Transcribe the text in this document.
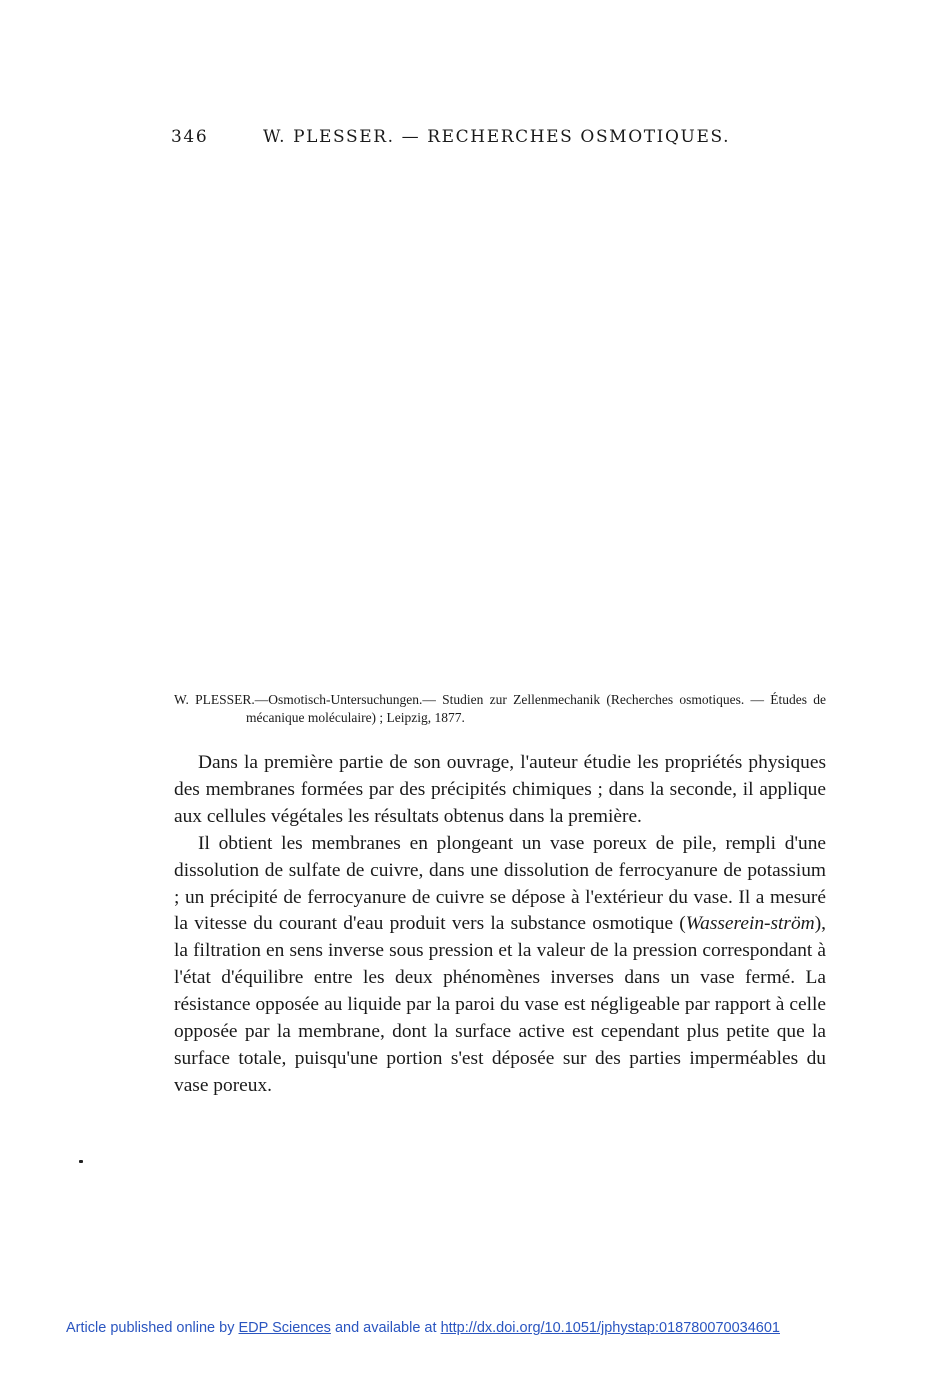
346	W. PLESSER. — RECHERCHES OSMOTIQUES.
W. PLESSER.—Osmotisch-Untersuchungen.— Studien zur Zellenmechanik (Recherches osmotiques. — Études de mécanique moléculaire) ; Leipzig, 1877.

Dans la première partie de son ouvrage, l'auteur étudie les propriétés physiques des membranes formées par des précipités chimiques ; dans la seconde, il applique aux cellules végétales les résultats obtenus dans la première.

Il obtient les membranes en plongeant un vase poreux de pile, rempli d'une dissolution de sulfate de cuivre, dans une dissolution de ferrocyanure de potassium ; un précipité de ferrocyanure de cuivre se dépose à l'extérieur du vase. Il a mesuré la vitesse du courant d'eau produit vers la substance osmotique (Wasserein-ström), la filtration en sens inverse sous pression et la valeur de la pression correspondant à l'état d'équilibre entre les deux phénomènes inverses dans un vase fermé. La résistance opposée au liquide par la paroi du vase est négligeable par rapport à celle opposée par la membrane, dont la surface active est cependant plus petite que la surface totale, puisqu'une portion s'est déposée sur des parties imperméables du vase poreux.

Article published online by EDP Sciences and available at http://dx.doi.org/10.1051/jphystap:018780070034601
